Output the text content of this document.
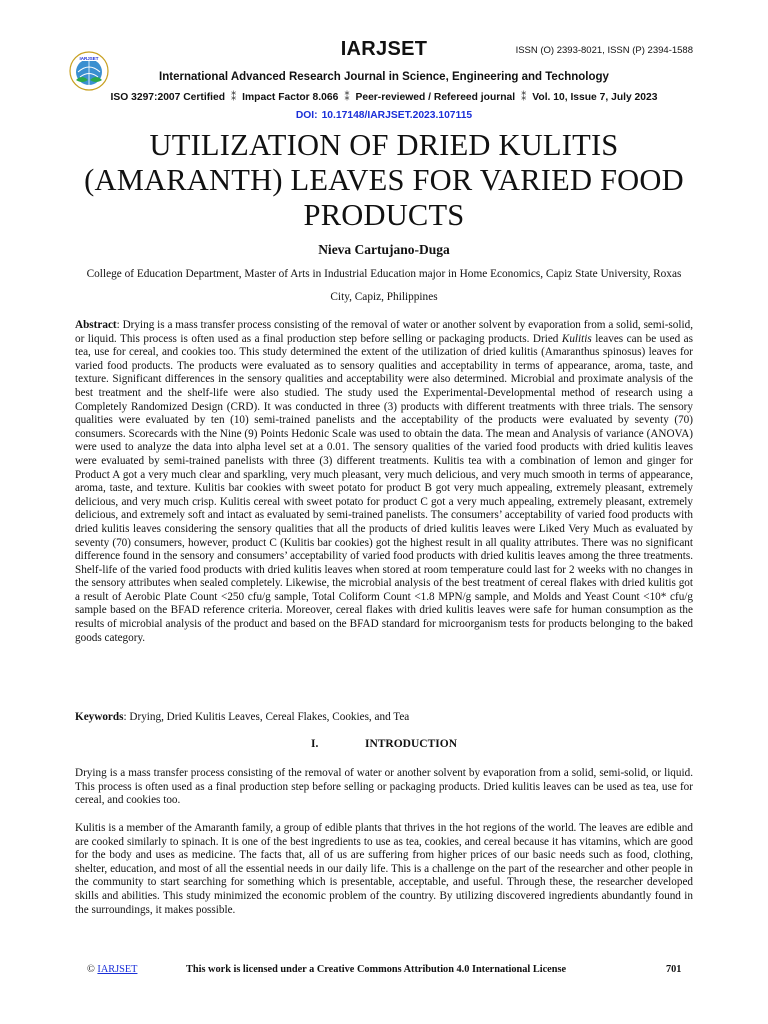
IARJSET	IARJSET	ISSN (O) 2393-8021, ISSN (P) 2394-1588
International Advanced Research Journal in Science, Engineering and Technology
ISO 3297:2007 Certified ⁑ Impact Factor 8.066 ⁑ Peer-reviewed / Refereed journal ⁑ Vol. 10, Issue 7, July 2023
DOI: 10.17148/IARJSET.2023.107115
UTILIZATION OF DRIED KULITIS (AMARANTH) LEAVES FOR VARIED FOOD PRODUCTS
Nieva Cartujano-Duga
College of Education Department, Master of Arts in Industrial Education major in Home Economics, Capiz State University, Roxas City, Capiz, Philippines
Abstract: Drying is a mass transfer process consisting of the removal of water or another solvent by evaporation from a solid, semi-solid, or liquid. This process is often used as a final production step before selling or packaging products. Dried Kulitis leaves can be used as tea, use for cereal, and cookies too. This study determined the extent of the utilization of dried kulitis (Amaranthus spinosus) leaves for varied food products. The products were evaluated as to sensory qualities and acceptability in terms of appearance, aroma, taste, and texture. Significant differences in the sensory qualities and acceptability were also determined. Microbial and proximate analysis of the best treatment and the shelf-life were also studied. The study used the Experimental-Developmental method of research using a Completely Randomized Design (CRD). It was conducted in three (3) products with different treatments with three trials. The sensory qualities were evaluated by ten (10) semi-trained panelists and the acceptability of the products were evaluated by seventy (70) consumers. Scorecards with the Nine (9) Points Hedonic Scale was used to obtain the data. The mean and Analysis of variance (ANOVA) were used to analyze the data into alpha level set at a 0.01. The sensory qualities of the varied food products with dried kulitis leaves were evaluated by semi-trained panelists with three (3) different treatments. Kulitis tea with a combination of lemon and ginger for Product A got a very much clear and sparkling, very much pleasant, very much delicious, and very much smooth in terms of appearance, aroma, taste, and texture. Kulitis bar cookies with sweet potato for product B got very much appealing, extremely pleasant, extremely delicious, and very much crisp. Kulitis cereal with sweet potato for product C got a very much appealing, extremely pleasant, extremely delicious, and extremely soft and intact as evaluated by semi-trained panelists. The consumers’ acceptability of varied food products with dried kulitis leaves considering the sensory qualities that all the products of dried kulitis leaves were Liked Very Much as evaluated by seventy (70) consumers, however, product C (Kulitis bar cookies) got the highest result in all quality attributes. There was no significant difference found in the sensory and consumers’ acceptability of varied food products with dried kulitis leaves among the three treatments. Shelf-life of the varied food products with dried kulitis leaves when stored at room temperature could last for 2 weeks with no changes in the sensory attributes when sealed completely. Likewise, the microbial analysis of the best treatment of cereal flakes with dried kulitis got a result of Aerobic Plate Count <250 cfu/g sample, Total Coliform Count <1.8 MPN/g sample, and Molds and Yeast Count <10* cfu/g sample based on the BFAD reference criteria. Moreover, cereal flakes with dried kulitis leaves were safe for human consumption as the results of microbial analysis of the product and based on the BFAD standard for microorganism tests for products belonging to the baked goods category.
Keywords: Drying, Dried Kulitis Leaves, Cereal Flakes, Cookies, and Tea
I.	INTRODUCTION
Drying is a mass transfer process consisting of the removal of water or another solvent by evaporation from a solid, semi-solid, or liquid. This process is often used as a final production step before selling or packaging products. Dried kulitis leaves can be used as tea, use for cereal, and cookies too.
Kulitis is a member of the Amaranth family, a group of edible plants that thrives in the hot regions of the world. The leaves are edible and are cooked similarly to spinach. It is one of the best ingredients to use as tea, cookies, and cereal because it has vitamins, which are good for the body and uses as medicine. The facts that, all of us are suffering from higher prices of our basic needs such as food, clothing, shelter, education, and most of all the essential needs in our daily life. This is a challenge on the part of the researcher and other people in the community to start searching for something which is presentable, acceptable, and useful. Through these, the researcher developed skills and abilities. This study minimized the economic problem of the country. By utilizing discovered ingredients abundantly found in the surroundings, it makes possible.
© IARJSET	This work is licensed under a Creative Commons Attribution 4.0 International License	701
